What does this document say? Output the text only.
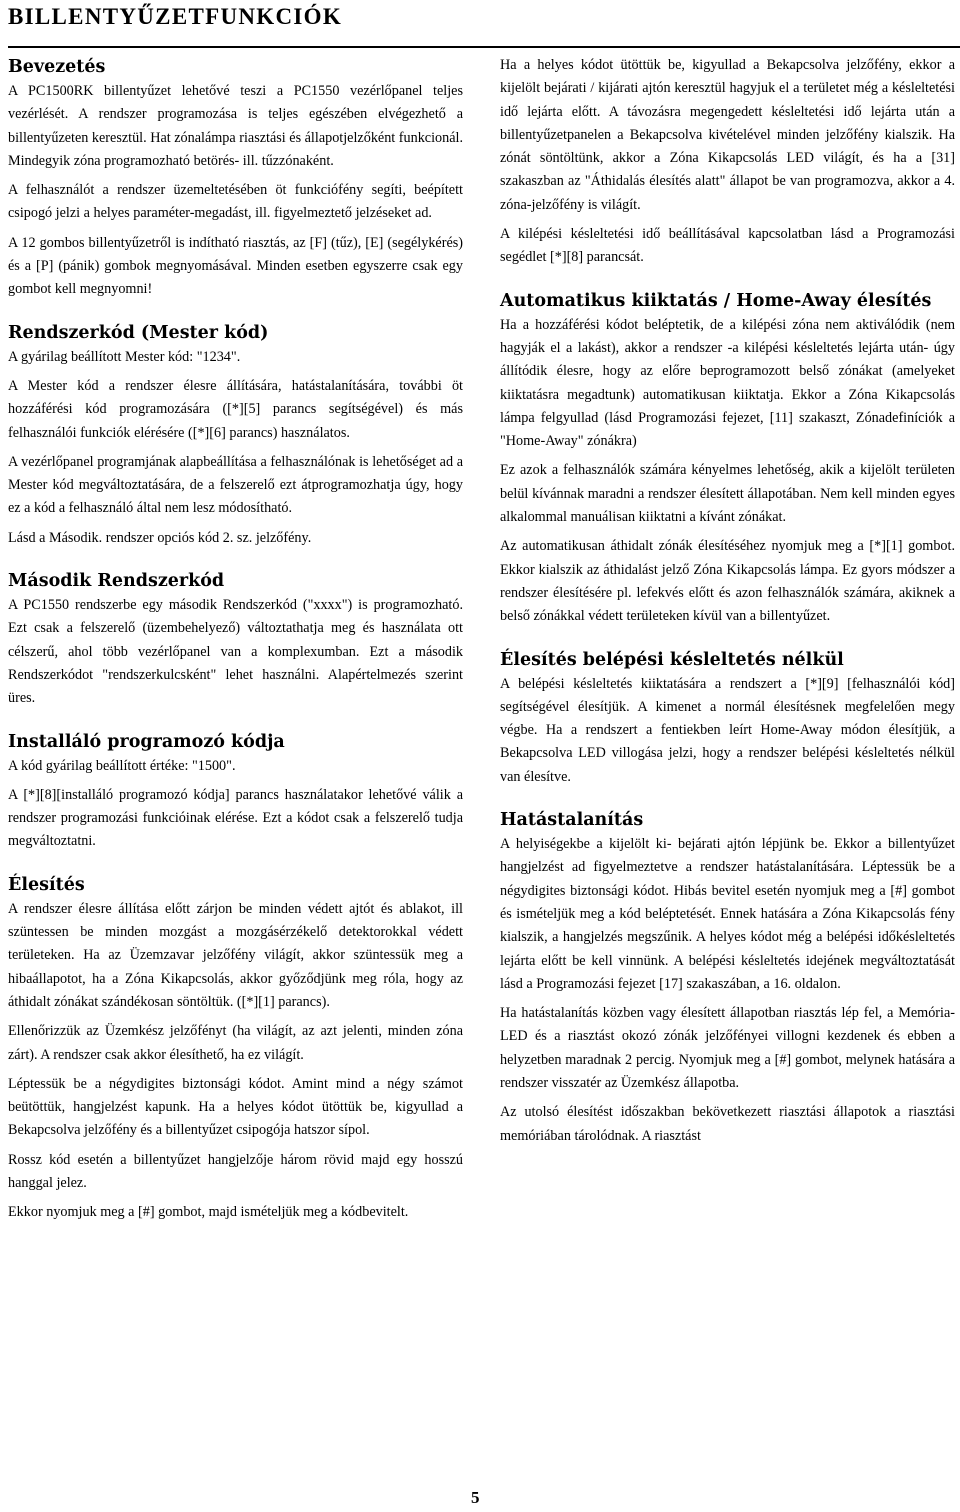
BILLENTYŰZETFUNKCIÓK
Bevezetés

A PC1500RK billentyűzet lehetővé teszi a PC1550 vezérlőpanel teljes vezérlését. A rendszer programozása is teljes egészében elvégezhető a billentyűzeten keresztül. Hat zónalámpa riasztási és állapotjelzőként funkcionál. Mindegyik zóna programozható betörés- ill. tűzzónaként.

A felhasználót a rendszer üzemeltetésében öt funkciófény segíti, beépített csipogó jelzi a helyes paraméter-megadást, ill. figyelmeztető jelzéseket ad.

A 12 gombos billentyűzetről is indítható riasztás, az [F] (tűz), [E] (segélykérés) és a [P] (pánik) gombok megnyomásával. Minden esetben egyszerre csak egy gombot kell megnyomni!

Rendszerkód (Mester kód)

A gyárilag beállított Mester kód: "1234".

A Mester kód a rendszer élesre állítására, hatástalanítására, további öt hozzáférési kód programozására ([*][5] parancs segítségével) és más felhasználói funkciók elérésére ([*][6] parancs) használatos.

A vezérlőpanel programjának alapbeállítása a felhasználónak is lehetőséget ad a Mester kód megváltoztatására, de a felszerelő ezt átprogramozhatja úgy, hogy ez a kód a felhasználó által nem lesz módosítható.

Lásd a Második. rendszer opciós kód 2. sz. jelzőfény.

Második Rendszerkód

A PC1550 rendszerbe egy második Rendszerkód ("xxxx") is programozható. Ezt csak a felszerelő (üzembehelyező) változtathatja meg és használata ott célszerű, ahol több vezérlőpanel van a komplexumban. Ezt a második Rendszerkódot "rendszerkulcsként" lehet használni. Alapértelmezés szerint üres.

Installáló programozó kódja

A kód gyárilag beállított értéke: "1500".

A [*][8][installáló programozó kódja] parancs használatakor lehetővé válik a rendszer programozási funkcióinak elérése. Ezt a kódot csak a felszerelő tudja megváltoztatni.

Élesítés

A rendszer élesre állítása előtt zárjon be minden védett ajtót és ablakot, ill szüntessen be minden mozgást a mozgásérzékelő detektorokkal védett területeken. Ha az Üzemzavar jelzőfény világít, akkor szüntessük meg a hibaállapotot, ha a Zóna Kikapcsolás, akkor győződjünk meg róla, hogy az áthidalt zónákat szándékosan söntöltük. ([*][1] parancs).

Ellenőrizzük az Üzemkész jelzőfényt (ha világít, az azt jelenti, minden zóna zárt). A rendszer csak akkor élesíthető, ha ez világít.

Léptessük be a négydigites biztonsági kódot. Amint mind a négy számot beütöttük, hangjelzést kapunk. Ha a helyes kódot ütöttük be, kigyullad a Bekapcsolva jelzőfény és a billentyűzet csipogója hatszor sípol.

Rossz kód esetén a billentyűzet hangjelzője három rövid majd egy hosszú hanggal jelez.

Ekkor nyomjuk meg a [#] gombot, majd ismételjük meg a kódbevitelt.

Ha a helyes kódot ütöttük be, kigyullad a Bekapcsolva jelzőfény, ekkor a kijelölt bejárati / kijárati ajtón keresztül hagyjuk el a területet még a késleltetési idő lejárta előtt. A távozásra megengedett késleltetési idő lejárta után a billentyűzetpanelen a Bekapcsolva kivételével minden jelzőfény kialszik. Ha zónát söntöltünk, akkor a Zóna Kikapcsolás LED világít, és ha a [31] szakaszban az "Áthidalás élesítés alatt" állapot be van programozva, akkor a 4. zóna-jelzőfény is világít.

A kilépési késleltetési idő beállításával kapcsolatban lásd a Programozási segédlet [*][8] parancsát.

Automatikus kiiktatás / Home-Away élesítés

Ha a hozzáférési kódot beléptetik, de a kilépési zóna nem aktiválódik (nem hagyják el a lakást), akkor a rendszer -a kilépési késleltetés lejárta után- úgy állítódik élesre, hogy az előre beprogramozott belső zónákat (amelyeket kiiktatásra megadtunk) automatikusan kiiktatja. Ekkor a Zóna Kikapcsolás lámpa felgyullad (lásd Programozási fejezet, [11] szakaszt, Zónadefiníciók a "Home-Away" zónákra)

Ez azok a felhasználók számára kényelmes lehetőség, akik a kijelölt területen belül kívánnak maradni a rendszer élesített állapotában. Nem kell minden egyes alkalommal manuálisan kiiktatni a kívánt zónákat.

Az automatikusan áthidalt zónák élesítéséhez nyomjuk meg a [*][1] gombot. Ekkor kialszik az áthidalást jelző Zóna Kikapcsolás lámpa. Ez gyors módszer a rendszer élesítésére pl. lefekvés előtt és azon felhasználók számára, akiknek a belső zónákkal védett területeken kívül van a billentyűzet.

Élesítés belépési késleltetés nélkül

A belépési késleltetés kiiktatására a rendszert a [*][9] [felhasználói kód] segítségével élesítjük. A kimenet a normál élesítésnek megfelelően megy végbe. Ha a rendszert a fentiekben leírt Home-Away módon élesítjük, a Bekapcsolva LED villogása jelzi, hogy a rendszer belépési késleltetés nélkül van élesítve.

Hatástalanítás

A helyiségekbe a kijelölt ki- bejárati ajtón lépjünk be. Ekkor a billentyűzet hangjelzést ad figyelmeztetve a rendszer hatástalanítására. Léptessük be a négydigites biztonsági kódot. Hibás bevitel esetén nyomjuk meg a [#] gombot és ismételjük meg a kód beléptetését. Ennek hatására a Zóna Kikapcsolás fény kialszik, a hangjelzés megszűnik. A helyes kódot még a belépési időkésleltetés lejárta előtt be kell vinnünk. A belépési késleltetés idejének megváltoztatását lásd a Programozási fejezet [17] szakaszában, a 16. oldalon.

Ha hatástalanítás közben vagy élesített állapotban riasztás lép fel, a Memória-LED és a riasztást okozó zónák jelzőfényei villogni kezdenek és ebben a helyzetben maradnak 2 percig. Nyomjuk meg a [#] gombot, melynek hatására a rendszer visszatér az Üzemkész állapotba.

Az utolsó élesítést időszakban bekövetkezett riasztási állapotok a riasztási memóriában tárolódnak. A riasztást

5
